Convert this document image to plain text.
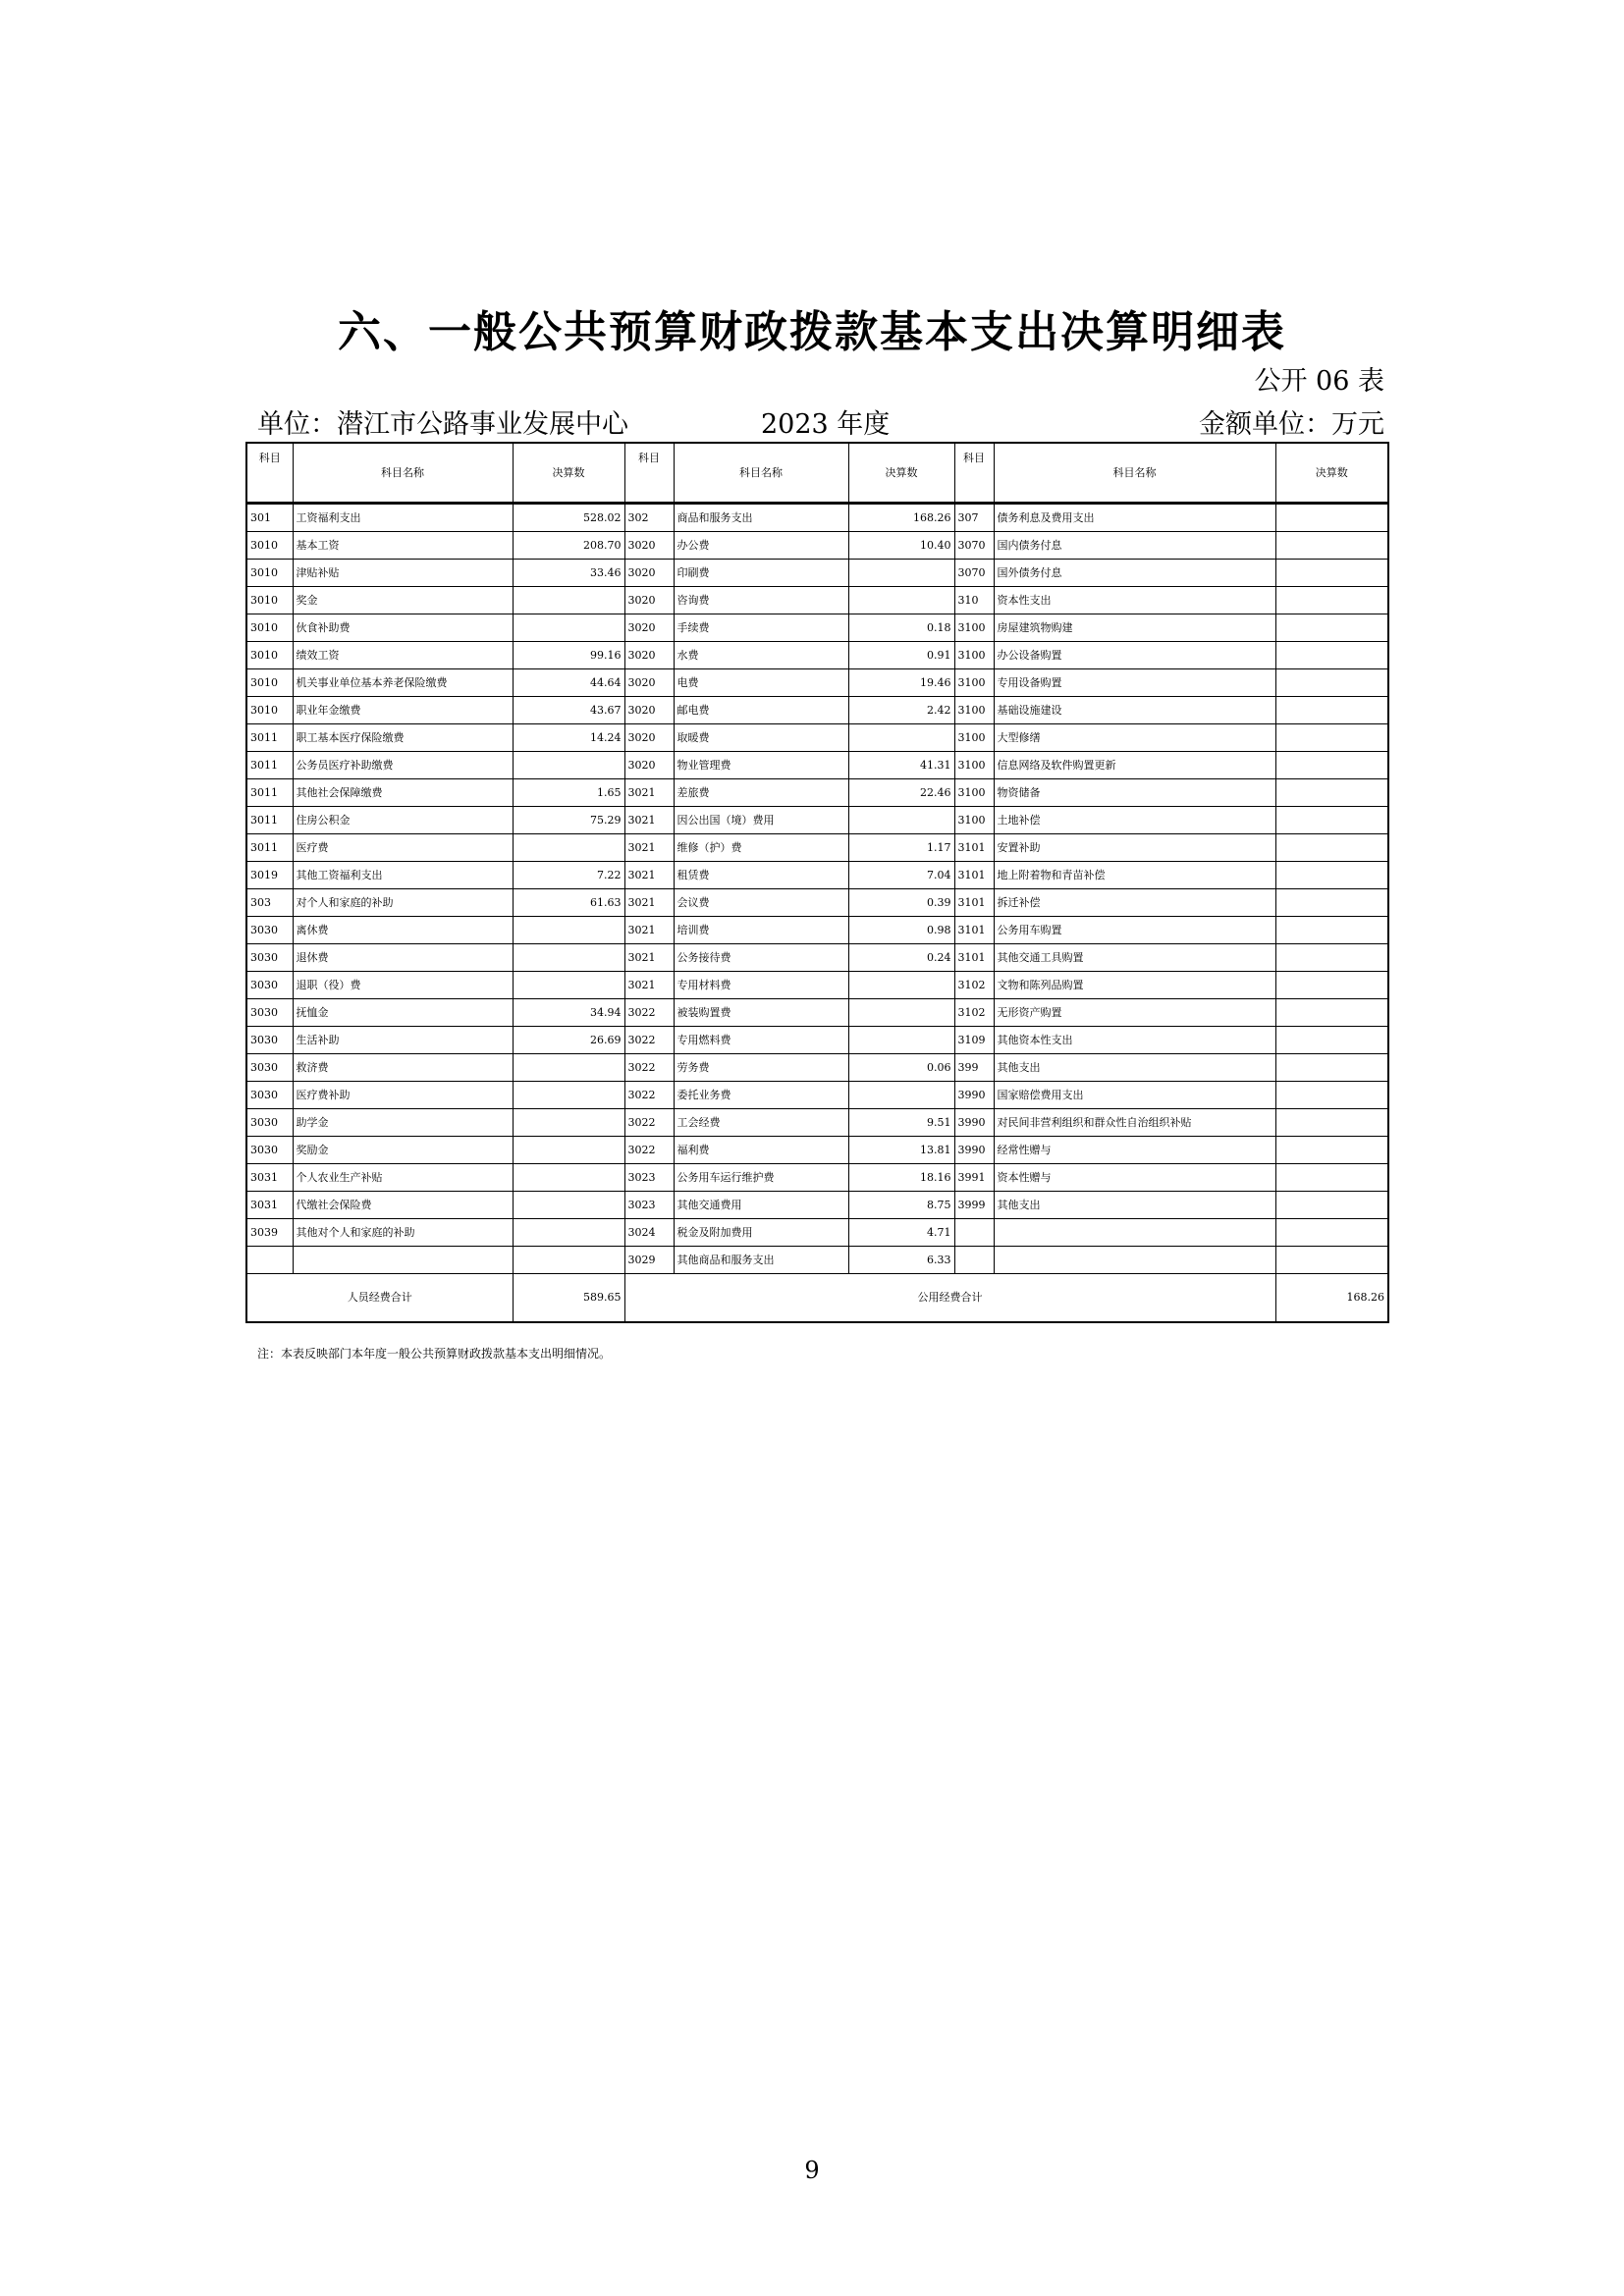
六、一般公共预算财政拨款基本支出决算明细表
公开 06 表
单位：潜江市公路事业发展中心	2023 年度	金额单位：万元
科目	科目名称	决算数	科目	科目名称	决算数	科目	科目名称	决算数
301	工资福利支出	528.02	302	商品和服务支出	168.26	307	债务利息及费用支出	
3010	基本工资	208.70	3020	办公费	10.40	3070	国内债务付息	
3010	津贴补贴	33.46	3020	印刷费		3070	国外债务付息	
3010	奖金		3020	咨询费		310	资本性支出	
3010	伙食补助费		3020	手续费	0.18	3100	房屋建筑物购建	
3010	绩效工资	99.16	3020	水费	0.91	3100	办公设备购置	
3010	机关事业单位基本养老保险缴费	44.64	3020	电费	19.46	3100	专用设备购置	
3010	职业年金缴费	43.67	3020	邮电费	2.42	3100	基础设施建设	
3011	职工基本医疗保险缴费	14.24	3020	取暖费		3100	大型修缮	
3011	公务员医疗补助缴费		3020	物业管理费	41.31	3100	信息网络及软件购置更新	
3011	其他社会保障缴费	1.65	3021	差旅费	22.46	3100	物资储备	
3011	住房公积金	75.29	3021	因公出国（境）费用		3100	土地补偿	
3011	医疗费		3021	维修（护）费	1.17	3101	安置补助	
3019	其他工资福利支出	7.22	3021	租赁费	7.04	3101	地上附着物和青苗补偿	
303	对个人和家庭的补助	61.63	3021	会议费	0.39	3101	拆迁补偿	
3030	离休费		3021	培训费	0.98	3101	公务用车购置	
3030	退休费		3021	公务接待费	0.24	3101	其他交通工具购置	
3030	退职（役）费		3021	专用材料费		3102	文物和陈列品购置	
3030	抚恤金	34.94	3022	被装购置费		3102	无形资产购置	
3030	生活补助	26.69	3022	专用燃料费		3109	其他资本性支出	
3030	救济费		3022	劳务费	0.06	399	其他支出	
3030	医疗费补助		3022	委托业务费		3990	国家赔偿费用支出	
3030	助学金		3022	工会经费	9.51	3990	对民间非营利组织和群众性自治组织补贴	
3030	奖励金		3022	福利费	13.81	3990	经常性赠与	
3031	个人农业生产补贴		3023	公务用车运行维护费	18.16	3991	资本性赠与	
3031	代缴社会保险费		3023	其他交通费用	8.75	3999	其他支出	
3039	其他对个人和家庭的补助		3024	税金及附加费用	4.71			
			3029	其他商品和服务支出	6.33			
人员经费合计		589.65	公用经费合计					168.26
注：本表反映部门本年度一般公共预算财政拨款基本支出明细情况。
9
